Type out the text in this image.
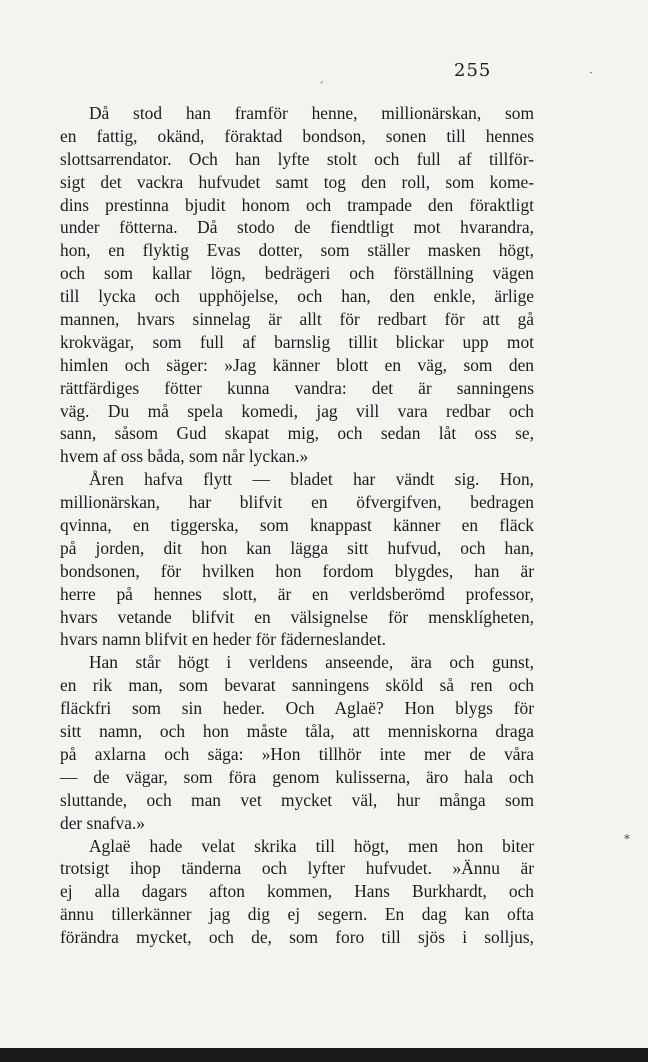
255
Då stod han framför henne, millionärskan, som
en fattig, okänd, föraktad bondson, sonen till hennes
slottsarrendator. Och han lyfte stolt och full af tillför-
sigt det vackra hufvudet samt tog den roll, som kome-
dins prestinna bjudit honom och trampade den föraktligt
under fötterna. Då stodo de fiendtligt mot hvarandra,
hon, en flyktig Evas dotter, som ställer masken högt,
och som kallar lögn, bedrägeri och förställning vägen
till lycka och upphöjelse, och han, den enkle, ärlige
mannen, hvars sinnelag är allt för redbart för att gå
krokvägar, som full af barnslig tillit blickar upp mot
himlen och säger: »Jag känner blott en väg, som den
rättfärdiges fötter kunna vandra: det är sanningens
väg. Du må spela komedi, jag vill vara redbar och
sann, såsom Gud skapat mig, och sedan låt oss se,
hvem af oss båda, som når lyckan.»
Åren hafva flytt — bladet har vändt sig. Hon,
millionärskan, har blifvit en öfvergifven, bedragen
qvinna, en tiggerska, som knappast känner en fläck
på jorden, dit hon kan lägga sitt hufvud, och han,
bondsonen, för hvilken hon fordom blygdes, han är
herre på hennes slott, är en verldsberömd professor,
hvars vetande blifvit en välsignelse för mensklígheten,
hvars namn blifvit en heder för fäderneslandet.
Han står högt i verldens anseende, ära och gunst,
en rik man, som bevarat sanningens sköld så ren och
fläckfri som sin heder. Och Aglaë? Hon blygs för
sitt namn, och hon måste tåla, att menniskorna draga
på axlarna och säga: »Hon tillhör inte mer de våra
— de vägar, som föra genom kulisserna, äro hala och
sluttande, och man vet mycket väl, hur många som
der snafva.»
Aglaë hade velat skrika till högt, men hon biter
trotsigt ihop tänderna och lyfter hufvudet. »Ännu är
ej alla dagars afton kommen, Hans Burkhardt, och
ännu tillerkänner jag dig ej segern. En dag kan ofta
förändra mycket, och de, som foro till sjös i solljus,
ˊ
·
*
